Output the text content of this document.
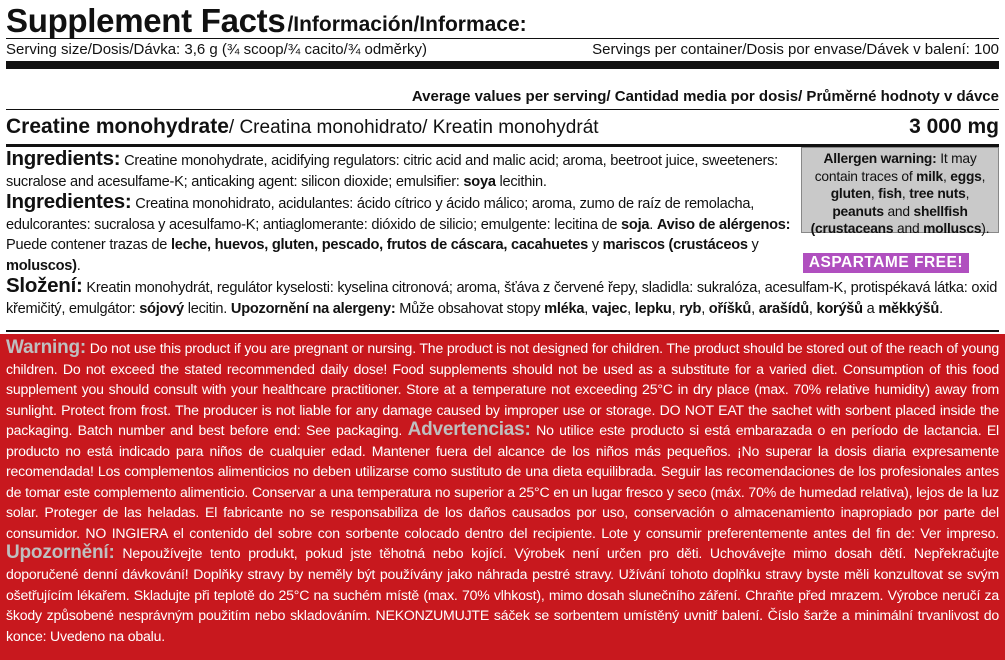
Supplement Facts /Información/Informace:
Serving size/Dosis/Dávka: 3,6 g (¾ scoop/¾ cacito/¾ odměrky)	Servings per container/Dosis por envase/Dávek v balení: 100
Average values per serving/ Cantidad media por dosis/ Průměrné hodnoty v dávce
Creatine monohydrate/ Creatina monohidrato/ Kreatin monohydrát	3 000 mg
Ingredients: Creatine monohydrate, acidifying regulators: citric acid and malic acid; aroma, beetroot juice, sweeteners: sucralose and acesulfame-K; anticaking agent: silicon dioxide; emulsifier: soya lecithin.
Ingredientes: Creatina monohidrato, acidulantes: ácido cítrico y ácido málico; aroma, zumo de raíz de remolacha, edulcorantes: sucralosa y acesulfamo-K; antiaglomerante: dióxido de silicio; emulgente: lecitina de soja. Aviso de alérgenos: Puede contener trazas de leche, huevos, gluten, pescado, frutos de cáscara, cacahuetes y mariscos (crustáceos y moluscos).
Složení: Kreatin monohydrát, regulátor kyselosti: kyselina citronová; aroma, šťáva z červené řepy, sladidla: sukralóza, acesulfam-K, protispékavá látka: oxid křemičitý, emulgátor: sójový lecitin. Upozornění na alergeny: Může obsahovat stopy mléka, vajec, lepku, ryb, oříšků, arašídů, korýšů a měkkýšů.
Allergen warning: It may contain traces of milk, eggs, gluten, fish, tree nuts, peanuts and shellfish (crustaceans and molluscs).
ASPARTAME FREE!
Warning: Do not use this product if you are pregnant or nursing. The product is not designed for children. The product should be stored out of the reach of young children. Do not exceed the stated recommended daily dose! Food supplements should not be used as a substitute for a varied diet. Consumption of this food supplement you should consult with your healthcare practitioner. Store at a temperature not exceeding 25°C in dry place (max. 70% relative humidity) away from sunlight. Protect from frost. The producer is not liable for any damage caused by improper use or storage. DO NOT EAT the sachet with sorbent placed inside the packaging. Batch number and best before end: See packaging. Advertencias: No utilice este producto si está embarazada o en período de lactancia. El producto no está indicado para niños de cualquier edad. Mantener fuera del alcance de los niños más pequeños. ¡No superar la dosis diaria expresamente recomendada! Los complementos alimenticios no deben utilizarse como sustituto de una dieta equilibrada. Seguir las recomendaciones de los profesionales antes de tomar este complemento alimenticio. Conservar a una temperatura no superior a 25°C en un lugar fresco y seco (máx. 70% de humedad relativa), lejos de la luz solar. Proteger de las heladas. El fabricante no se responsabiliza de los daños causados por uso, conservación o almacenamiento inapropiado por parte del consumidor. NO INGIERA el contenido del sobre con sorbente colocado dentro del recipiente. Lote y consumir preferentemente antes del fin de: Ver impreso. Upozornění: Nepoužívejte tento produkt, pokud jste těhotná nebo kojící. Výrobek není určen pro děti. Uchovávejte mimo dosah dětí. Nepřekračujte doporučené denní dávkování! Doplňky stravy by neměly být používány jako náhrada pestré stravy. Užívání tohoto doplňku stravy byste měli konzultovat se svým ošetřujícím lékařem. Skladujte při teplotě do 25°C na suchém místě (max. 70% vlhkost), mimo dosah slunečního záření. Chraňte před mrazem. Výrobce neručí za škody způsobené nesprávným použitím nebo skladováním. NEKONZUMUJTE sáček se sorbentem umístěný uvnitř balení. Číslo šarže a minimální trvanlivost do konce: Uvedeno na obalu.
